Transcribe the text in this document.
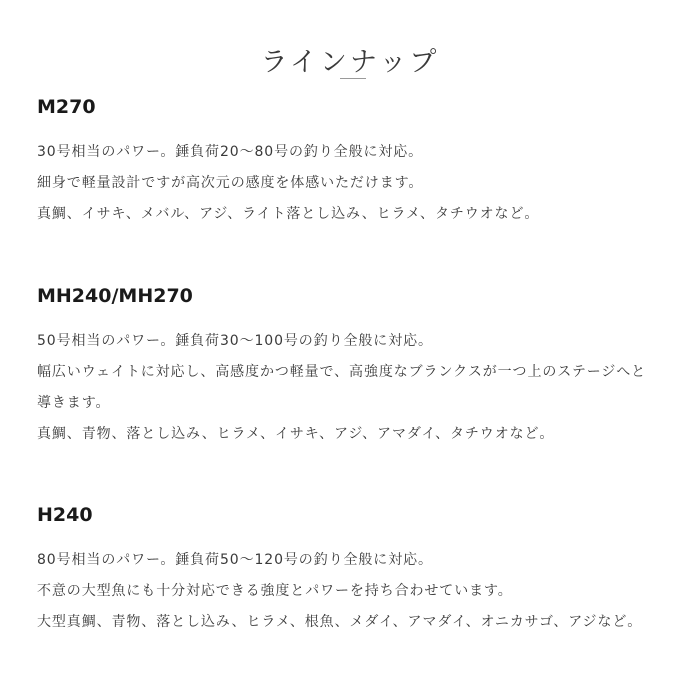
ラインナップ
M270
30号相当のパワー。錘負荷20～80号の釣り全般に対応。
細身で軽量設計ですが高次元の感度を体感いただけます。
真鯛、イサキ、メバル、アジ、ライト落とし込み、ヒラメ、タチウオなど。
MH240/MH270
50号相当のパワー。錘負荷30～100号の釣り全般に対応。
幅広いウェイトに対応し、高感度かつ軽量で、高強度なブランクスが一つ上のステージへと
導きます。
真鯛、青物、落とし込み、ヒラメ、イサキ、アジ、アマダイ、タチウオなど。
H240
80号相当のパワー。錘負荷50～120号の釣り全般に対応。
不意の大型魚にも十分対応できる強度とパワーを持ち合わせています。
大型真鯛、青物、落とし込み、ヒラメ、根魚、メダイ、アマダイ、オニカサゴ、アジなど。
